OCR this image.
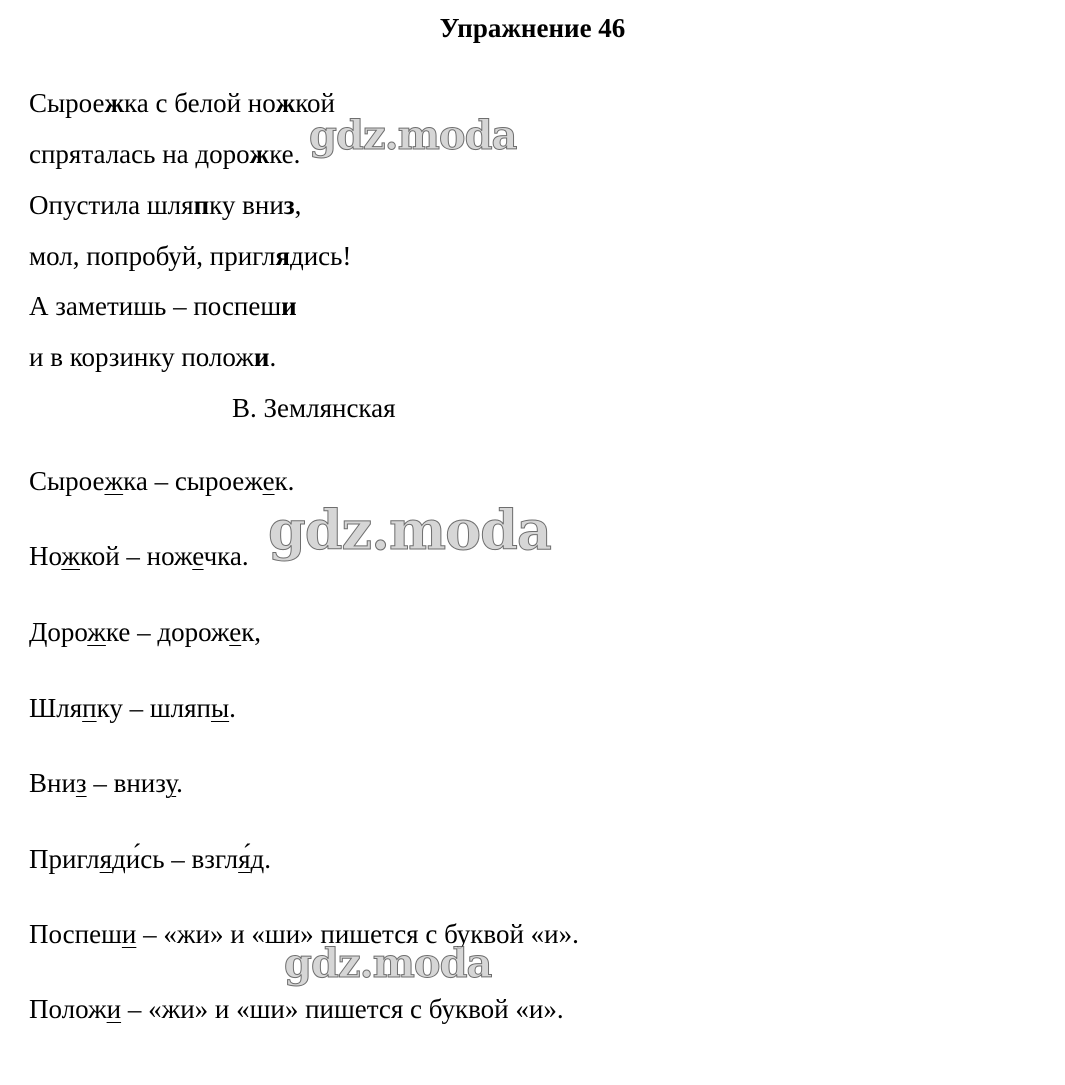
Упражнение 46
Сыроежка с белой ножкой
спряталась на дорожке.
Опустила шляпку вниз,
мол, попробуй, приглядись!
А заметишь – поспеши
и в корзинку положи.
В. Землянская
Сыроежка – сыроежек.
Ножкой – ножечка.
Дорожке – дорожек,
Шляпку – шляпы.
Вниз – внизу.
Пригляди́сь – взгля́д.
Поспеши – «жи» и «ши» пишется с буквой «и».
Положи – «жи» и «ши» пишется с буквой «и».
gdz.moda
gdz.moda
gdz.moda
